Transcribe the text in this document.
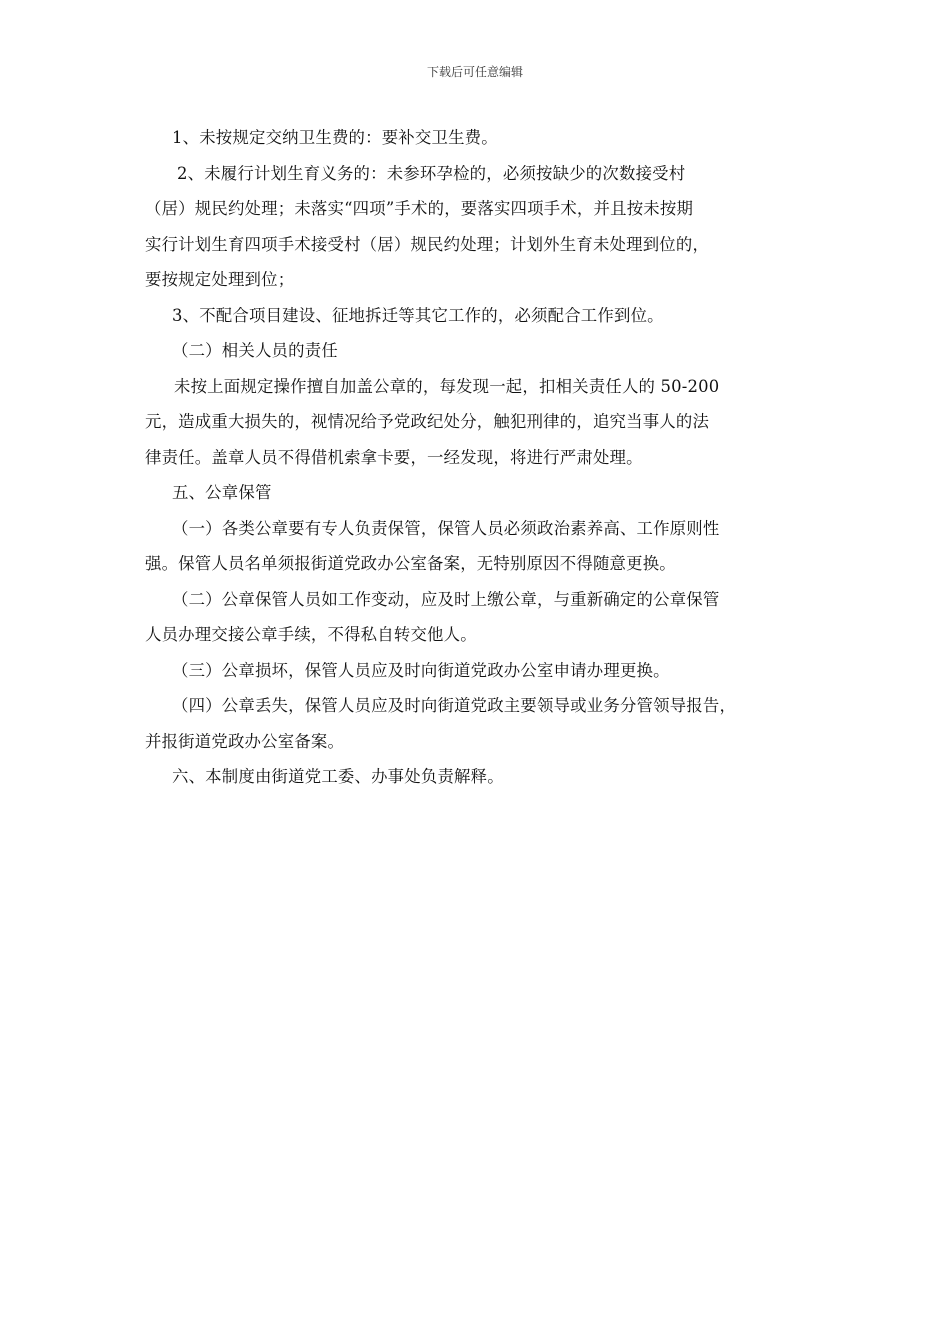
下载后可任意编辑

1、未按规定交纳卫生费的：要补交卫生费。

2、未履行计划生育义务的：未参环孕检的，必须按缺少的次数接受村

（居）规民约处理；未落实“四项”手术的，要落实四项手术，并且按未按期

实行计划生育四项手术接受村（居）规民约处理；计划外生育未处理到位的，

要按规定处理到位；

3、不配合项目建设、征地拆迁等其它工作的，必须配合工作到位。

（二）相关人员的责任

未按上面规定操作擅自加盖公章的，每发现一起，扣相关责任人的 50-200

元，造成重大损失的，视情况给予党政纪处分，触犯刑律的，追究当事人的法

律责任。盖章人员不得借机索拿卡要，一经发现，将进行严肃处理。

五、公章保管

（一）各类公章要有专人负责保管，保管人员必须政治素养高、工作原则性

强。保管人员名单须报街道党政办公室备案，无特别原因不得随意更换。

（二）公章保管人员如工作变动，应及时上缴公章，与重新确定的公章保管

人员办理交接公章手续，不得私自转交他人。

（三）公章损坏，保管人员应及时向街道党政办公室申请办理更换。

（四）公章丢失，保管人员应及时向街道党政主要领导或业务分管领导报告，

并报街道党政办公室备案。

六、本制度由街道党工委、办事处负责解释。
